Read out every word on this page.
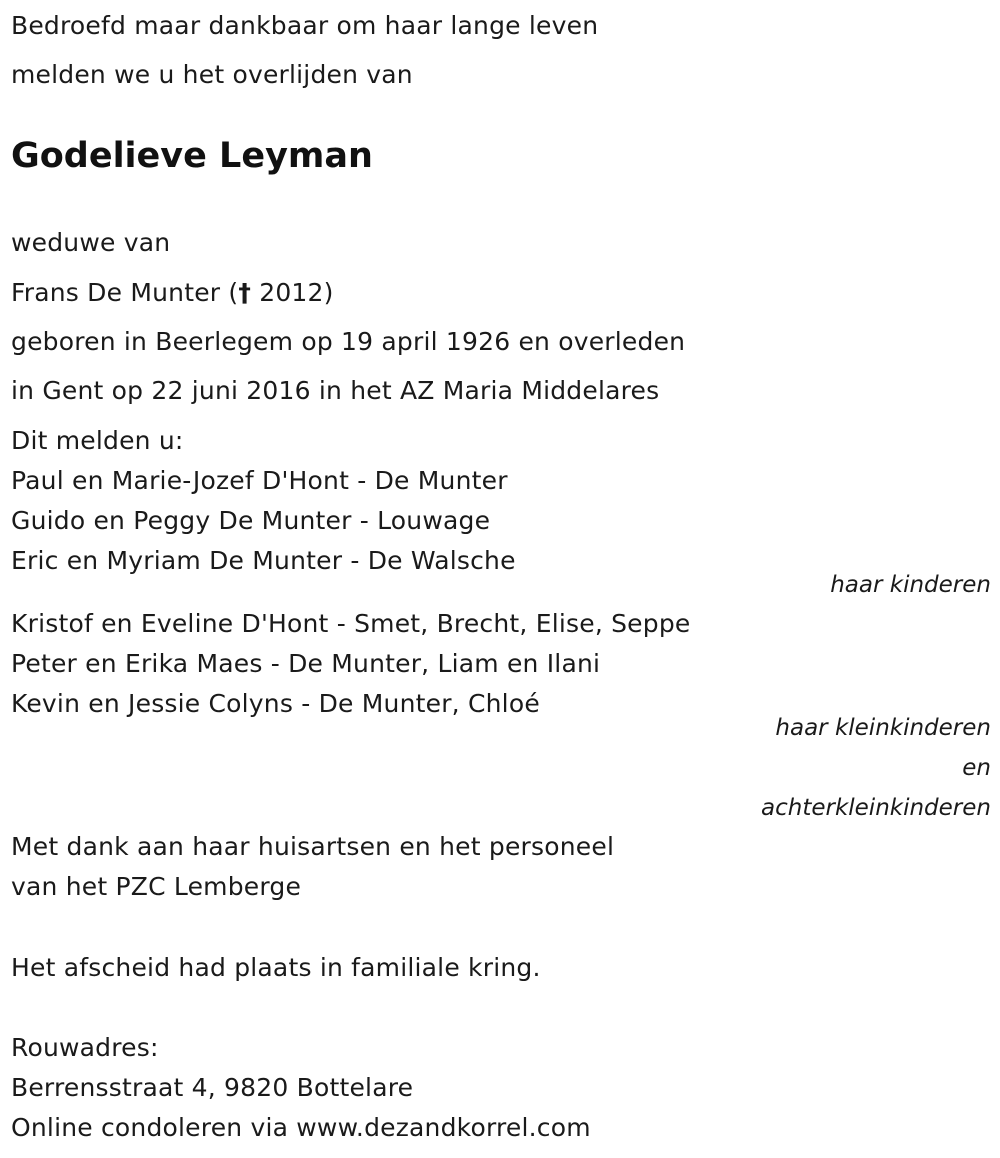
Bedroefd maar dankbaar om haar lange leven
melden we u het overlijden van
Godelieve Leyman
weduwe van
Frans De Munter († 2012)
geboren in Beerlegem op 19 april 1926 en overleden
in Gent op 22 juni 2016 in het AZ Maria Middelares
Dit melden u:
Paul en Marie-Jozef D'Hont - De Munter
Guido en Peggy De Munter - Louwage
Eric en Myriam De Munter - De Walsche
haar kinderen
Kristof en Eveline D'Hont - Smet, Brecht, Elise, Seppe
Peter en Erika Maes - De Munter, Liam en Ilani
Kevin en Jessie Colyns - De Munter, Chloé
haar kleinkinderen
en
achterkleinkinderen
Met dank aan haar huisartsen en het personeel
van het PZC Lemberge
Het afscheid had plaats in familiale kring.
Rouwadres:
Berrensstraat 4, 9820 Bottelare
Online condoleren via www.dezandkorrel.com
